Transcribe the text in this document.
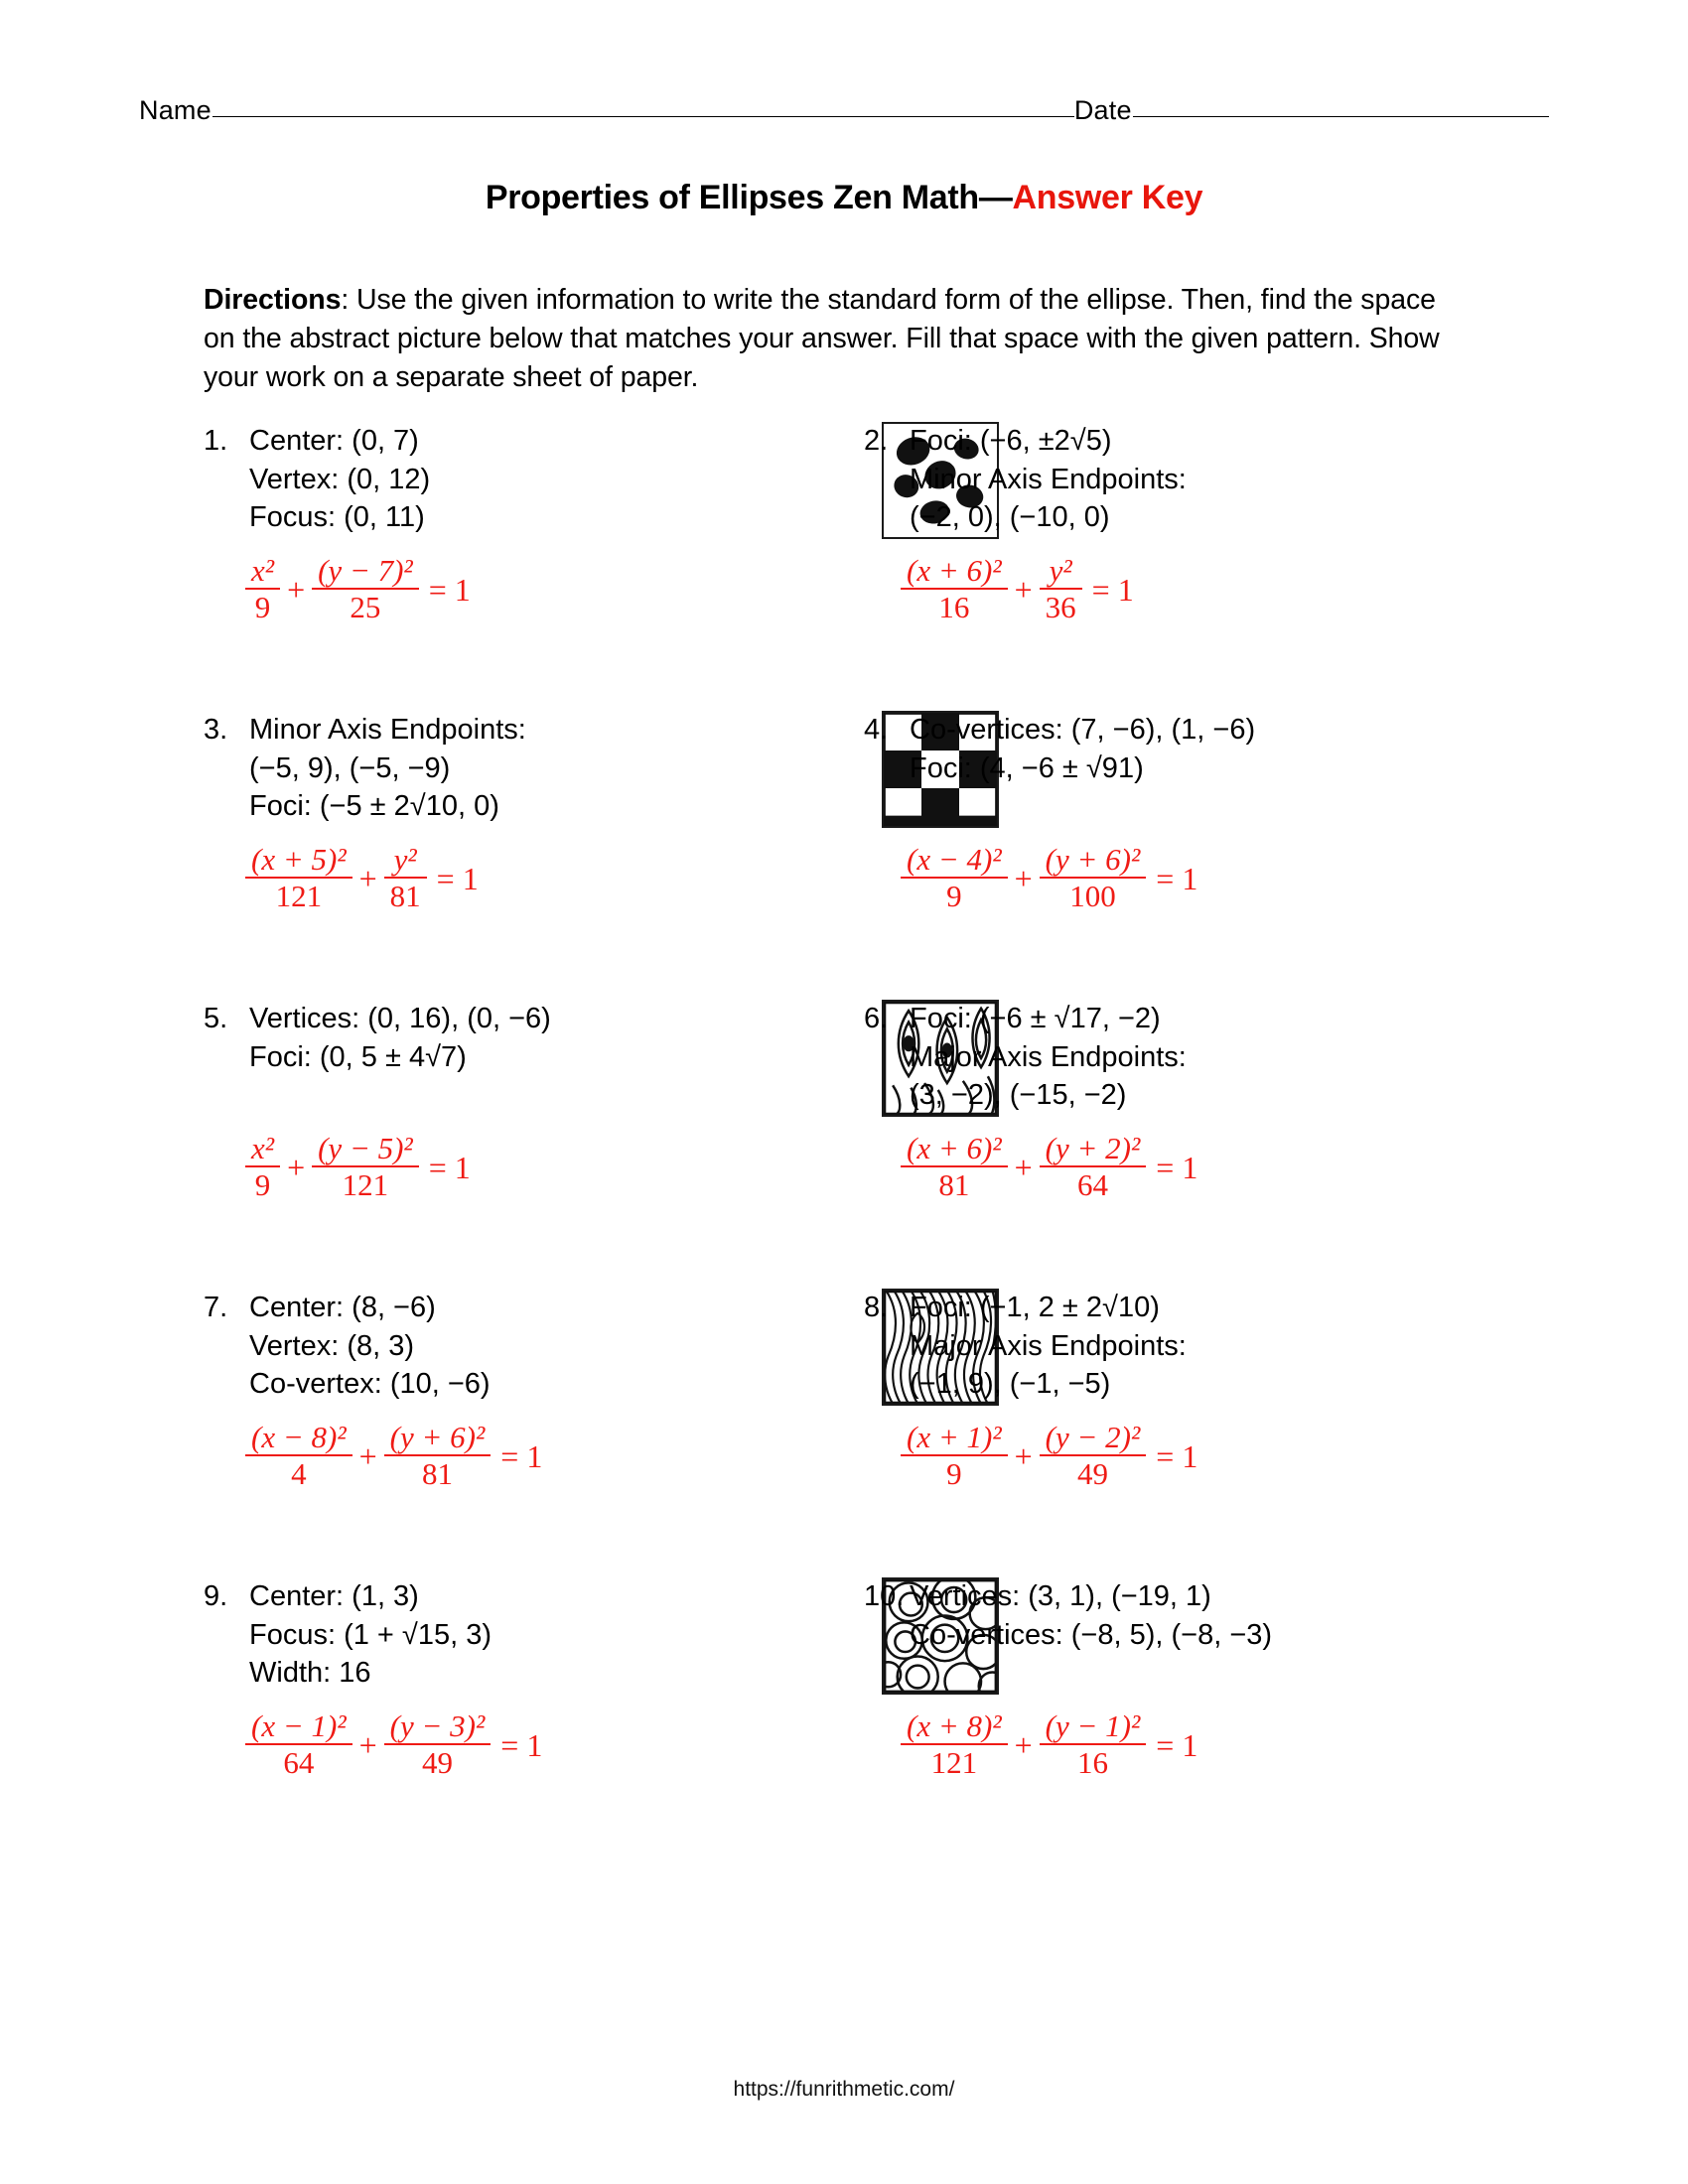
Name	Date
Properties of Ellipses Zen Math—Answer Key
Directions: Use the given information to write the standard form of the ellipse. Then, find the space on the abstract picture below that matches your answer. Fill that space with the given pattern. Show your work on a separate sheet of paper.
1. Center: (0, 7)
Vertex: (0, 12)
Focus: (0, 11)
$\frac{\text{x²}}{9} + \frac{\text{(y − 7)²}}{25} = 1$
2. Foci: (−6, ±2√5)
Minor Axis Endpoints:
(−2, 0), (−10, 0)
$\frac{\text{(x + 6)²}}{16} + \frac{\text{y²}}{36} = 1$
3. Minor Axis Endpoints:
(−5, 9), (−5, −9)
Foci: (−5 ± 2√10, 0)
$\frac{\text{(x + 5)²}}{121} + \frac{\text{y²}}{81} = 1$
4. Co-vertices: (7, −6), (1, −6)
Foci: (4, −6 ± √91)
$\frac{\text{(x − 4)²}}{9} + \frac{\text{(y + 6)²}}{100} = 1$
5. Vertices: (0, 16), (0, −6)
Foci: (0, 5 ± 4√7)
$\frac{\text{x²}}{9} + \frac{\text{(y − 5)²}}{121} = 1$
6. Foci: (−6 ± √17, −2)
Major Axis Endpoints:
(3, −2), (−15, −2)
$\frac{\text{(x + 6)²}}{81} + \frac{\text{(y + 2)²}}{64} = 1$
7. Center: (8, −6)
Vertex: (8, 3)
Co-vertex: (10, −6)
$\frac{\text{(x − 8)²}}{4} + \frac{\text{(y + 6)²}}{81} = 1$
8. Foci: (−1, 2 ± 2√10)
Major Axis Endpoints:
(−1, 9), (−1, −5)
$\frac{\text{(x + 1)²}}{9} + \frac{\text{(y − 2)²}}{49} = 1$
9. Center: (1, 3)
Focus: (1 + √15, 3)
Width: 16
$\frac{\text{(x − 1)²}}{64} + \frac{\text{(y − 3)²}}{49} = 1$
10. Vertices: (3, 1), (−19, 1)
Co-vertices: (−8, 5), (−8, −3)
$\frac{\text{(x + 8)²}}{121} + \frac{\text{(y − 1)²}}{16} = 1$
https://funrithmetic.com/
